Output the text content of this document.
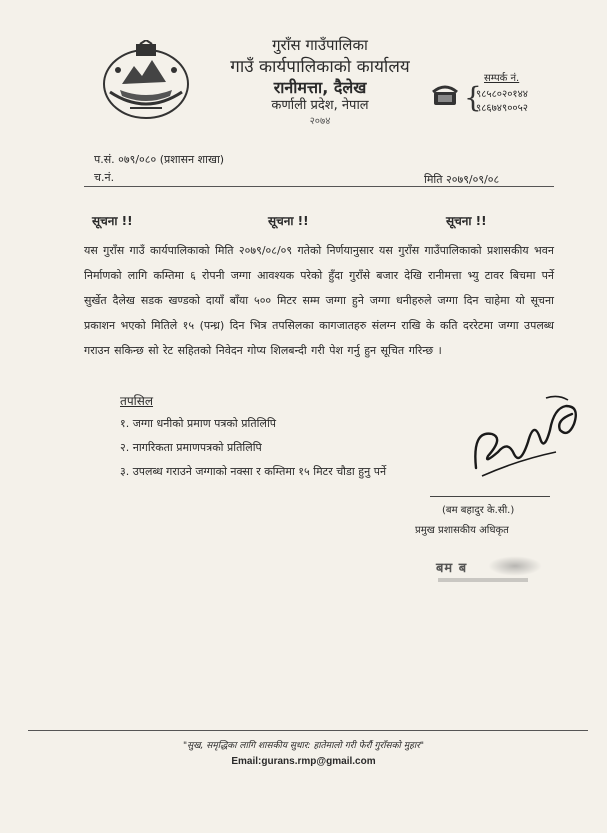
गुराँस गाउँपालिका
गाउँ कार्यपालिकाको कार्यालय
रानीमत्ता, दैलेख
कर्णाली प्रदेश, नेपाल
२०७४
सम्पर्क नं.
{
९८५८०२०१४४
९८६७४९००५२
प.सं. ०७९/०८० (प्रशासन शाखा)
च.नं.	मिति २०७९/०९/०८
सूचना !!	सूचना !!	सूचना !!
यस गुराँस गाउँ कार्यपालिकाको मिति २०७९/०८/०९ गतेको निर्णयानुसार यस गुराँस गाउँपालिकाको प्रशासकीय भवन निर्माणको लागि कम्तिमा ६ रोपनी जग्गा आवश्यक परेको हुँदा गुराँसे बजार देखि रानीमत्ता भ्यु टावर बिचमा पर्ने सुर्खेत दैलेख सडक खण्डको दायाँ बाँया ५०० मिटर सम्म जग्गा हुने जग्गा धनीहरुले जग्गा दिन चाहेमा यो सूचना प्रकाशन भएको मितिले १५ (पन्ध्र) दिन भित्र तपसिलका कागजातहरु संलग्न राखि के कति दररेटमा जग्गा उपलब्ध गराउन सकिन्छ सो रेट सहितको निवेदन गोप्य शिलबन्दी गरी पेश गर्नु हुन सूचित गरिन्छ ।
तपसिल
१. जग्गा धनीको प्रमाण पत्रको प्रतिलिपि
२. नागरिकता प्रमाणपत्रको प्रतिलिपि
३. उपलब्ध गराउने जग्गाको नक्सा र कम्तिमा १५ मिटर चौडा हुनु पर्ने
(बम बहादुर के.सी.)
प्रमुख प्रशासकीय अधिकृत
बम ब
"सुख, समृद्धिका लागि शासकीय सुधार: हातेमालो गरी फेरौं गुराँसको मुहार"
Email:gurans.rmp@gmail.com
